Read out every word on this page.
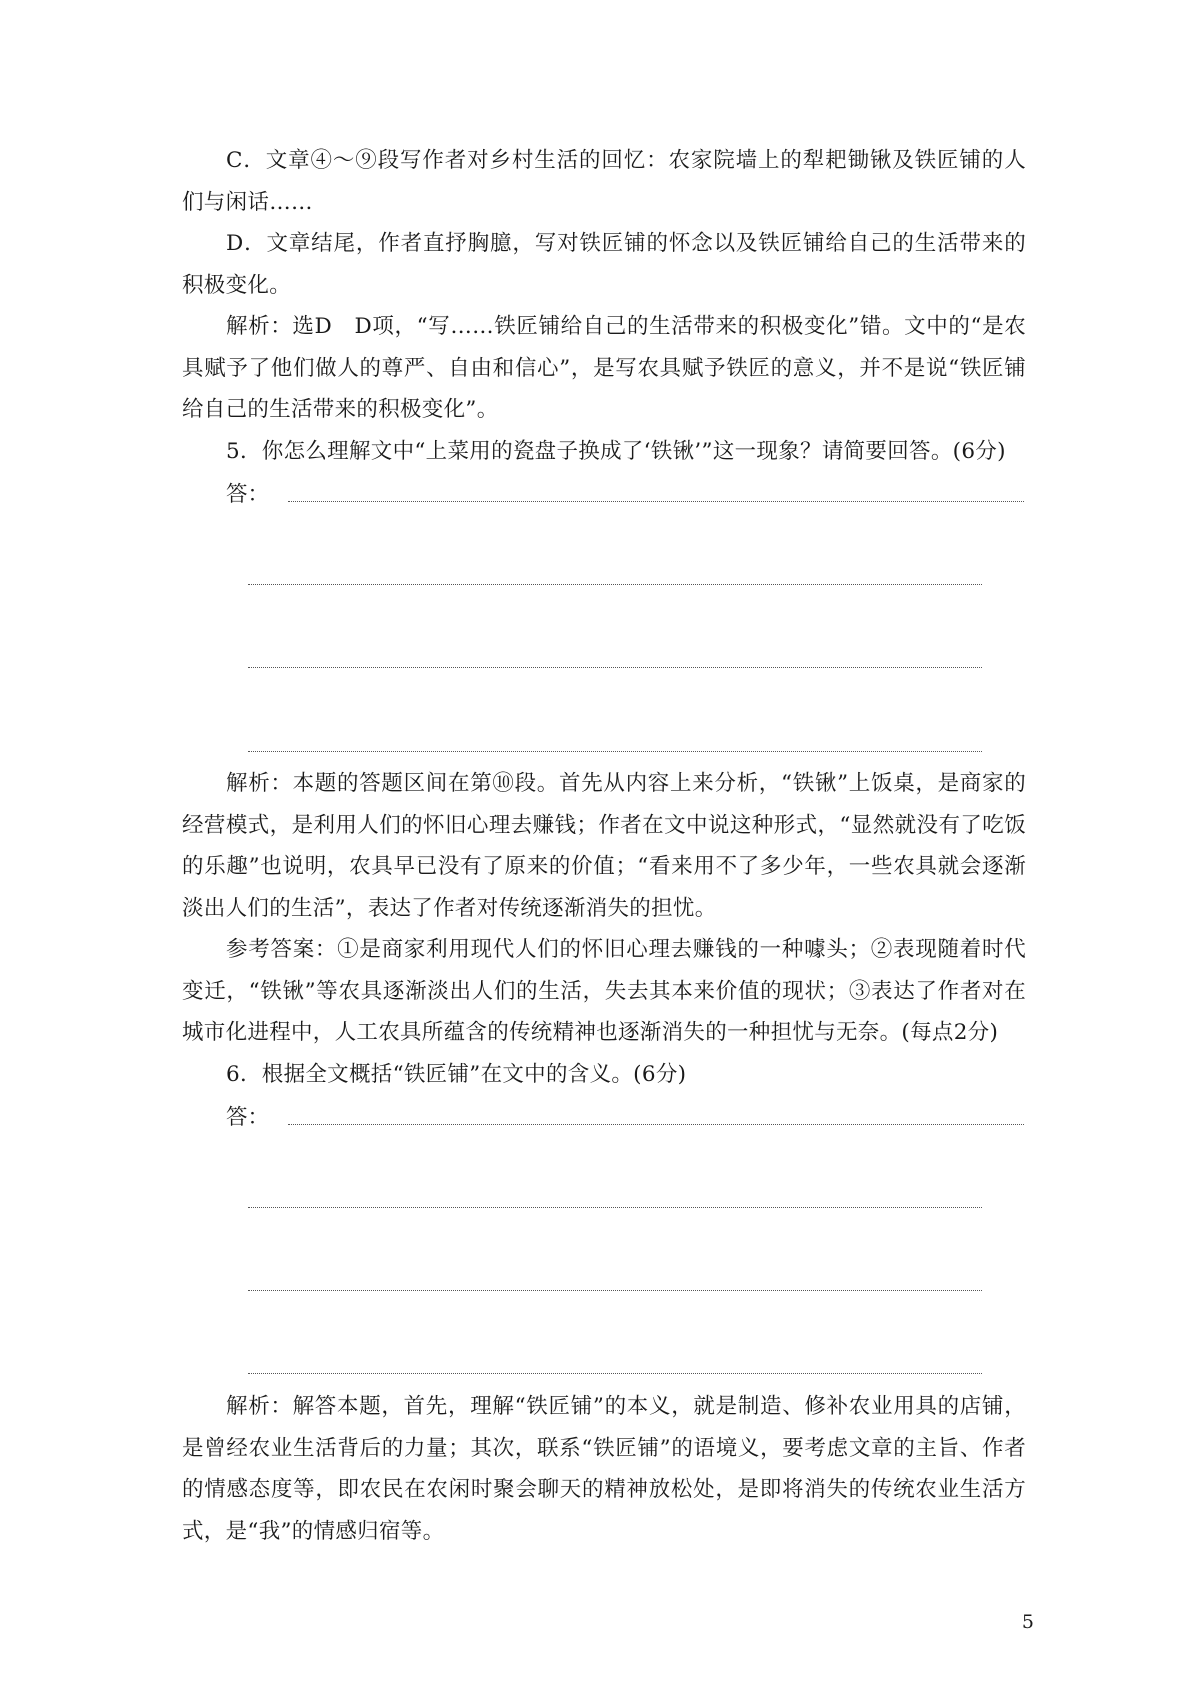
C．文章④～⑨段写作者对乡村生活的回忆：农家院墙上的犁耙锄锹及铁匠铺的人们与闲话……
D．文章结尾，作者直抒胸臆，写对铁匠铺的怀念以及铁匠铺给自己的生活带来的积极变化。
解析：选D　D项，“写……铁匠铺给自己的生活带来的积极变化”错。文中的“是农具赋予了他们做人的尊严、自由和信心”，是写农具赋予铁匠的意义，并不是说“铁匠铺给自己的生活带来的积极变化”。
5．你怎么理解文中“上菜用的瓷盘子换成了‘铁锹’”这一现象？请简要回答。(6分)
答：
解析：本题的答题区间在第⑩段。首先从内容上来分析，“铁锹”上饭桌，是商家的经营模式，是利用人们的怀旧心理去赚钱；作者在文中说这种形式，“显然就没有了吃饭的乐趣”也说明，农具早已没有了原来的价值；“看来用不了多少年，一些农具就会逐渐淡出人们的生活”，表达了作者对传统逐渐消失的担忧。
参考答案：①是商家利用现代人们的怀旧心理去赚钱的一种噱头；②表现随着时代变迁，“铁锹”等农具逐渐淡出人们的生活，失去其本来价值的现状；③表达了作者对在城市化进程中，人工农具所蕴含的传统精神也逐渐消失的一种担忧与无奈。(每点2分)
6．根据全文概括“铁匠铺”在文中的含义。(6分)
答：
解析：解答本题，首先，理解“铁匠铺”的本义，就是制造、修补农业用具的店铺，是曾经农业生活背后的力量；其次，联系“铁匠铺”的语境义，要考虑文章的主旨、作者的情感态度等，即农民在农闲时聚会聊天的精神放松处，是即将消失的传统农业生活方式，是“我”的情感归宿等。
5
